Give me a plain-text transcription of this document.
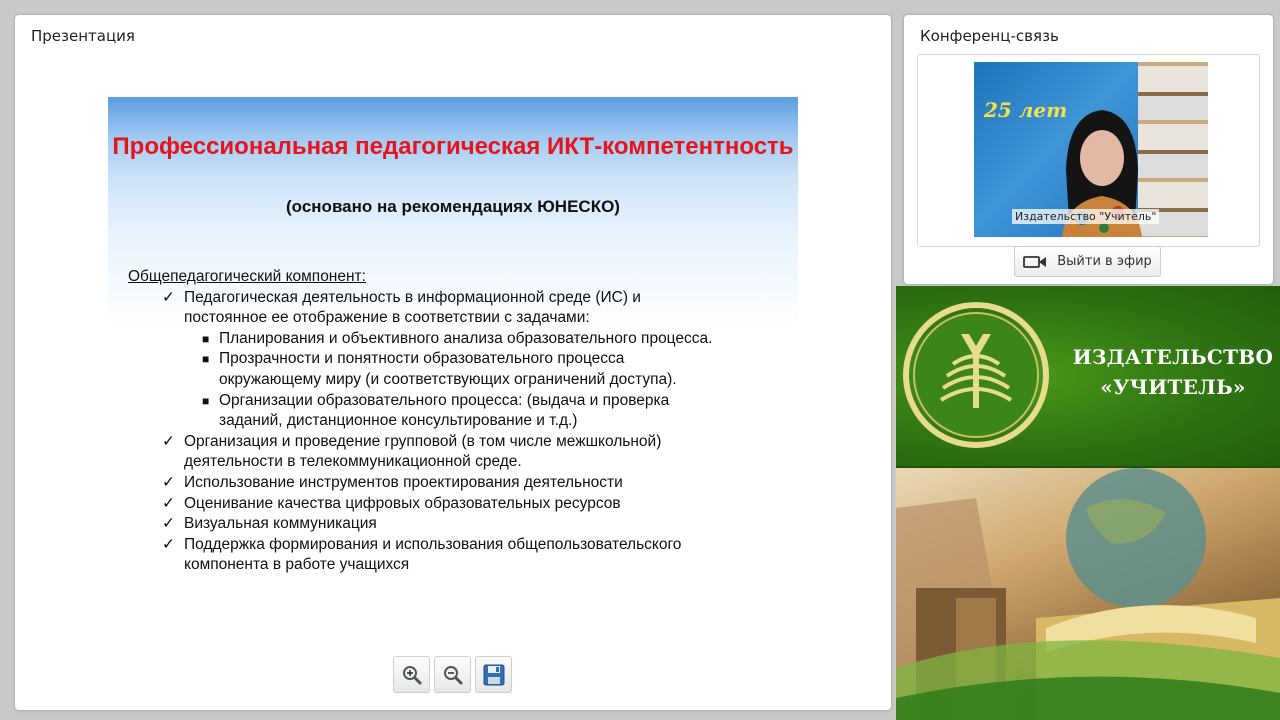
Презентация
Профессиональная педагогическая ИКТ-компетентность
(основано на рекомендациях ЮНЕСКО)
Общепедагогический компонент:
✓ Педагогическая деятельность в информационной среде (ИС) и
постоянное ее отображение в соответствии с задачами:
■ Планирования и объективного анализа образовательного процесса.
■ Прозрачности и понятности образовательного процесса
окружающему миру (и соответствующих ограничений доступа).
■ Организации образовательного процесса: (выдача и проверка
заданий, дистанционное консультирование и т.д.)
✓ Организация и проведение групповой (в том числе межшкольной)
деятельности в телекоммуникационной среде.
✓ Использование инструментов проектирования деятельности
✓ Оценивание качества цифровых образовательных ресурсов
✓ Визуальная коммуникация
✓ Поддержка формирования и использования общепользовательского
компонента в работе учащихся
Конференц-связь
25 лет
Издательство "Учитель"
Выйти в эфир
ИЗДАТЕЛЬСТВО
«УЧИТЕЛЬ»
